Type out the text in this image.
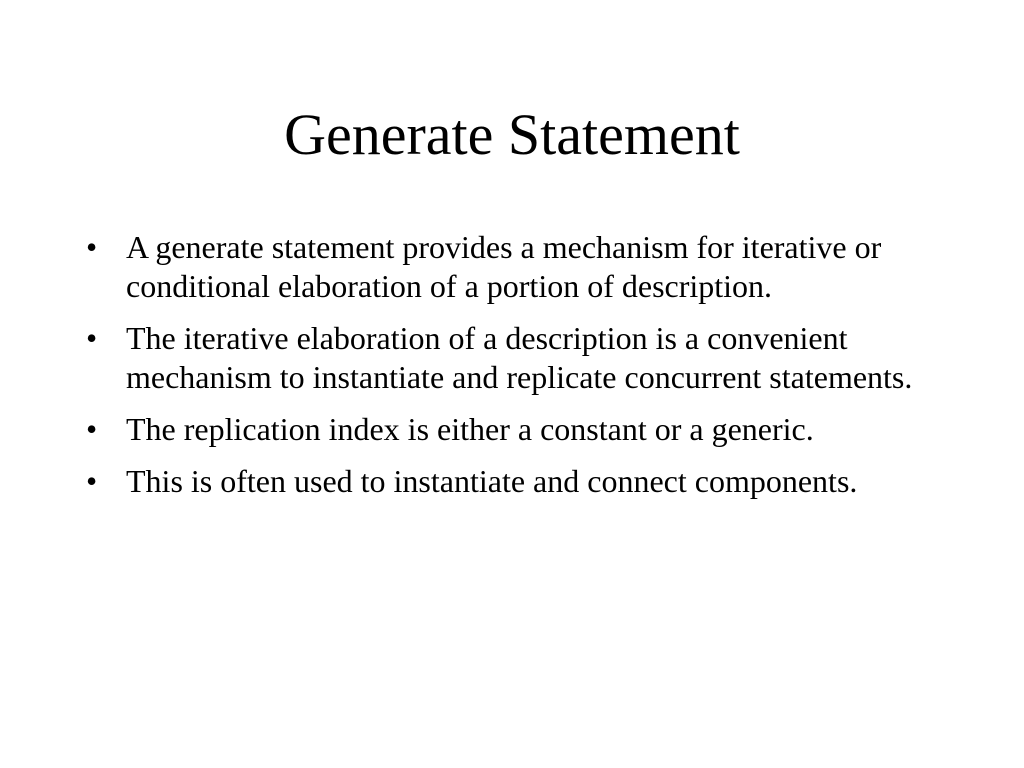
Generate Statement
• A generate statement provides a mechanism for iterative or conditional elaboration of a portion of description.
• The iterative elaboration of a description is a convenient mechanism to instantiate and replicate concurrent statements.
• The replication index is either a constant or a generic.
• This is often used to instantiate and connect components.
